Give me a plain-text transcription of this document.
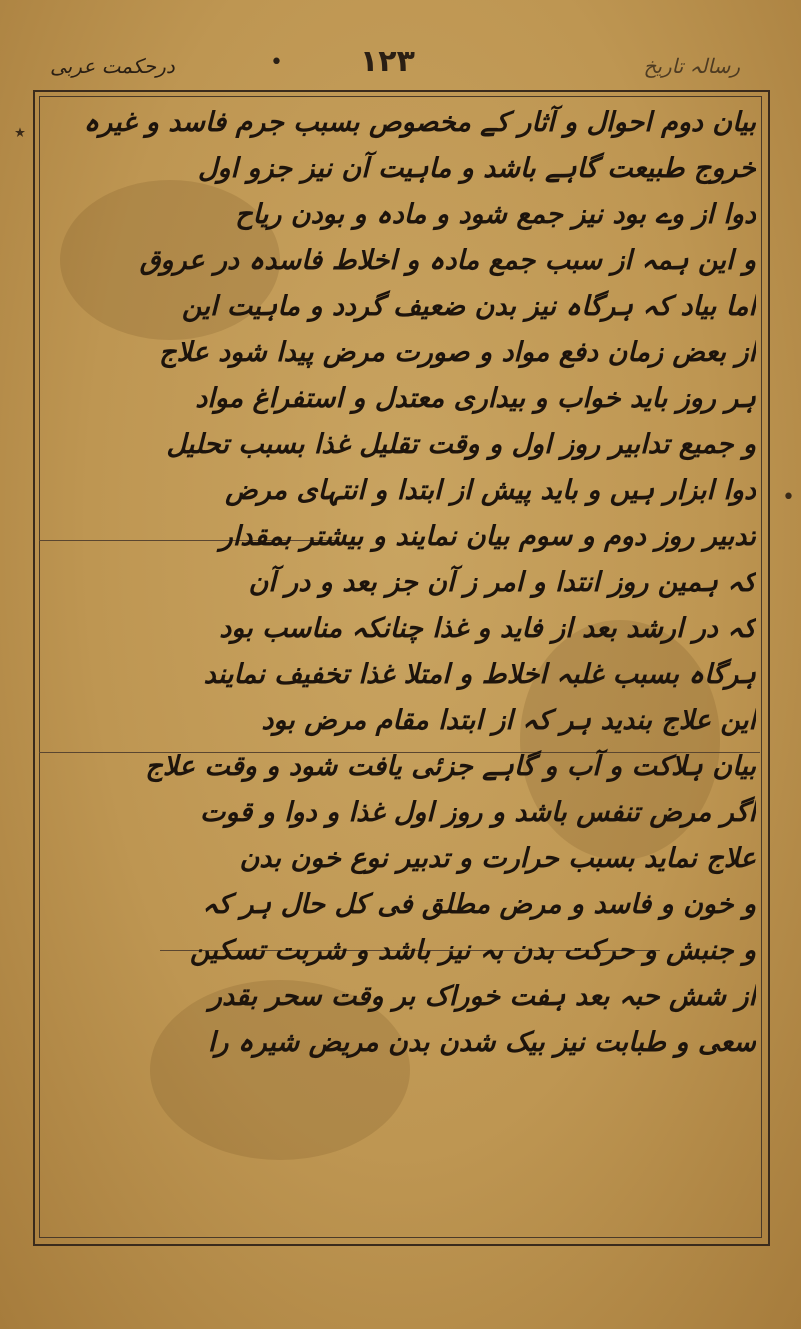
رسالہ تاریخ
۱۲۳
•
درحکمت عربی
بیان دوم احوال و آثار کے مخصوص بسبب جرم فاسد و غیرہ
خروج طبیعت گاہے باشد و ماہیت آن نیز جزو اول
دوا از وے بود نیز جمع شود و مادہ و بودن ریاح
و این ہمہ از سبب جمع مادہ و اخلاط فاسدہ در عروق
اما بیاد کہ ہرگاہ نیز بدن ضعیف گردد و ماہیت این
از بعض زمان دفع مواد و صورت مرض پیدا شود علاج
ہر روز باید خواب و بیداری معتدل و استفراغ مواد
و جمیع تدابیر روز اول و وقت تقلیل غذا بسبب تحلیل
دوا ابزار ہیں و باید پیش از ابتدا و انتہای مرض
تدبیر روز دوم و سوم بیان نمایند و بیشتر بمقدار
کہ ہمین روز انتدا و امر ز آن جز بعد و در آن
کہ در ارشد بعد از فاید و غذا چنانکہ مناسب بود
ہرگاہ بسبب غلبہ اخلاط و امتلا غذا تخفیف نمایند
این علاج بندید ہر کہ از ابتدا مقام مرض بود
بیان ہلاکت و آب و گاہے جزئی یافت شود و وقت علاج
اگر مرض تنفس باشد و روز اول غذا و دوا و قوت
علاج نماید بسبب حرارت و تدبیر نوع خون بدن
و خون و فاسد و مرض مطلق فی کل حال ہر کہ
و جنبش و حرکت بدن بہ نیز باشد و شربت تسکین
از شش حبہ بعد ہفت خوراک بر وقت سحر بقدر
سعی و طبابت نیز بیک شدن بدن مریض شیرہ را
•
٭
